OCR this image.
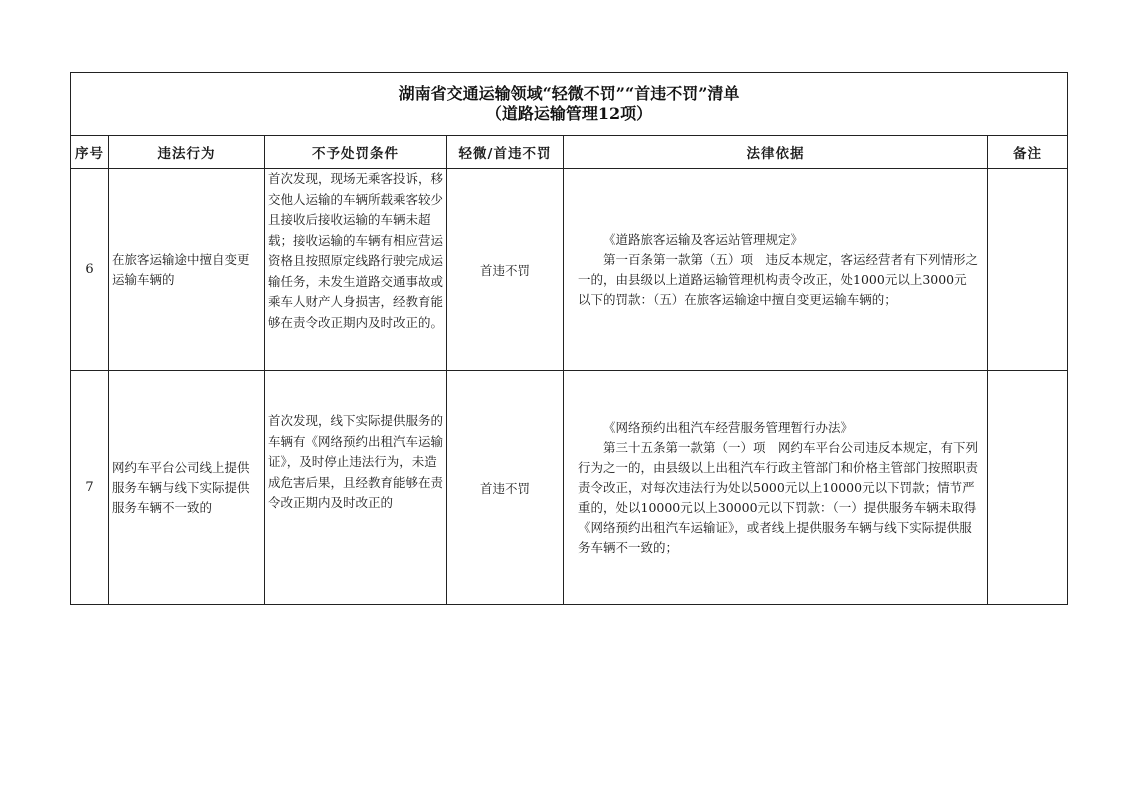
湖南省交通运输领域“轻微不罚”“首违不罚”清单
（道路运输管理12项）					

序号	违法行为	不予处罚条件	轻微/首违不罚	法律依据	备注
6	在旅客运输途中擅自变更运输车辆的	首次发现，现场无乘客投诉，移交他人运输的车辆所载乘客较少且接收后接收运输的车辆未超载；接收运输的车辆有相应营运资格且按照原定线路行驶完成运输任务，未发生道路交通事故或乘车人财产人身损害，经教育能够在责令改正期内及时改正的。	首违不罚	《道路旅客运输及客运站管理规定》
第一百条第一款第（五）项　违反本规定，客运经营者有下列情形之一的，由县级以上道路运输管理机构责令改正，处1000元以上3000元以下的罚款：（五）在旅客运输途中擅自变更运输车辆的；	

7	网约车平台公司线上提供服务车辆与线下实际提供服务车辆不一致的	首次发现，线下实际提供服务的车辆有《网络预约出租汽车运输证》，及时停止违法行为，未造成危害后果，且经教育能够在责令改正期内及时改正的	首违不罚	《网络预约出租汽车经营服务管理暂行办法》
第三十五条第一款第（一）项　网约车平台公司违反本规定，有下列行为之一的，由县级以上出租汽车行政主管部门和价格主管部门按照职责责令改正，对每次违法行为处以5000元以上10000元以下罚款；情节严重的，处以10000元以上30000元以下罚款：（一）提供服务车辆未取得《网络预约出租汽车运输证》，或者线上提供服务车辆与线下实际提供服务车辆不一致的；	
